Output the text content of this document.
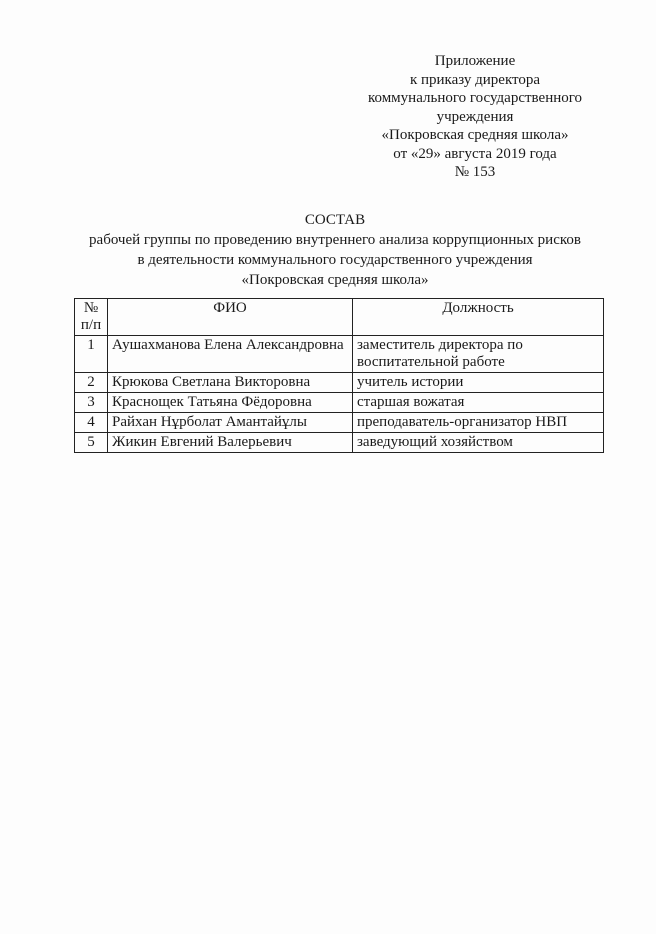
Приложение
к приказу директора
коммунального государственного
учреждения
«Покровская средняя школа»
от «29» августа 2019 года
№ 153
СОСТАВ
рабочей группы по проведению внутреннего анализа коррупционных рисков
в деятельности коммунального государственного учреждения
«Покровская средняя школа»
№ п/п	ФИО	Должность
1	Аушахманова Елена Александровна	заместитель директора по воспитательной работе
2	Крюкова Светлана Викторовна	учитель истории
3	Краснощек Татьяна Фёдоровна	старшая вожатая
4	Райхан Нұрболат Амантайұлы	преподаватель-организатор НВП
5	Жикин Евгений Валерьевич	заведующий хозяйством
